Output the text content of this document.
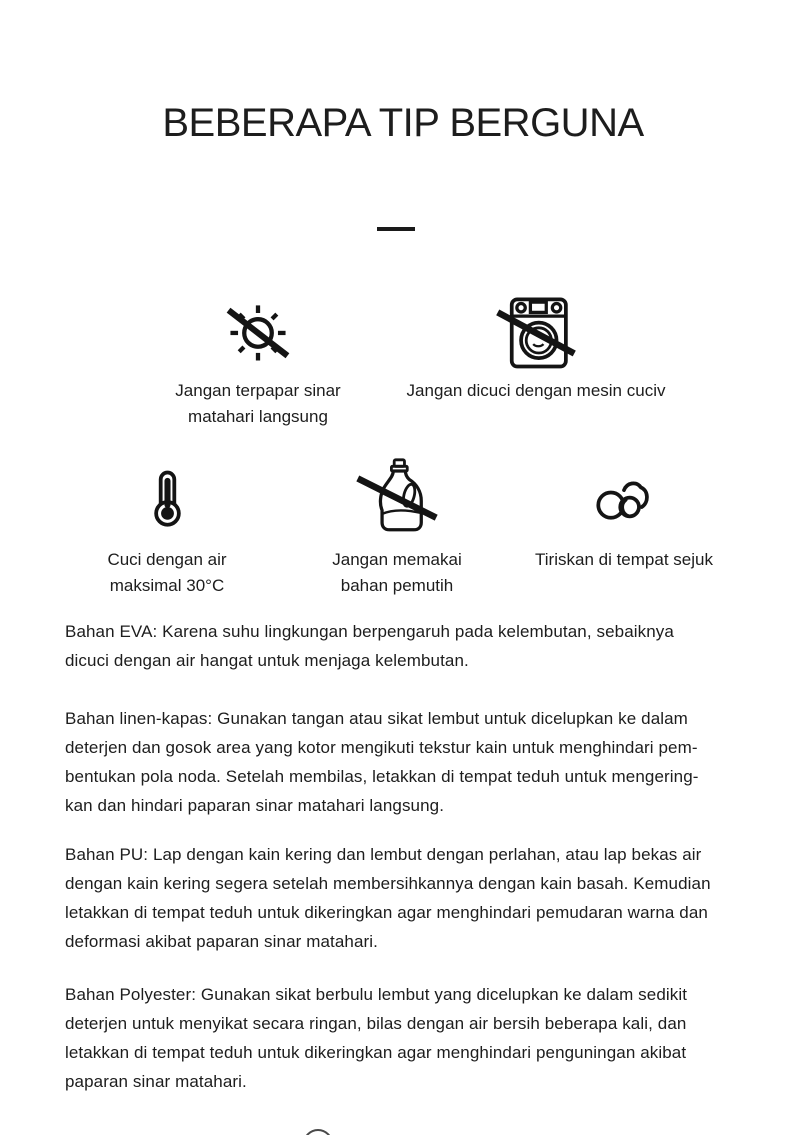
BEBERAPA TIP BERGUNA
Jangan terpapar sinar
matahari langsung
Jangan dicuci dengan mesin cuciv
Cuci dengan air
maksimal 30°C
Jangan memakai
bahan pemutih
Tiriskan di tempat sejuk
Bahan EVA: Karena suhu lingkungan berpengaruh pada kelembutan, sebaiknya
dicuci dengan air hangat untuk menjaga kelembutan.
Bahan linen-kapas: Gunakan tangan atau sikat lembut untuk dicelupkan ke dalam
deterjen dan gosok area yang kotor mengikuti tekstur kain untuk menghindari pem-
bentukan pola noda. Setelah membilas, letakkan di tempat teduh untuk mengering-
kan dan hindari paparan sinar matahari langsung.
Bahan PU: Lap dengan kain kering dan lembut dengan perlahan, atau lap bekas air
dengan kain kering segera setelah membersihkannya dengan kain basah. Kemudian
letakkan di tempat teduh untuk dikeringkan agar menghindari pemudaran warna dan
deformasi akibat paparan sinar matahari.
Bahan Polyester: Gunakan sikat berbulu lembut yang dicelupkan ke dalam sedikit
deterjen untuk menyikat secara ringan, bilas dengan air bersih beberapa kali, dan
letakkan di tempat teduh untuk dikeringkan agar menghindari penguningan akibat
paparan sinar matahari.
